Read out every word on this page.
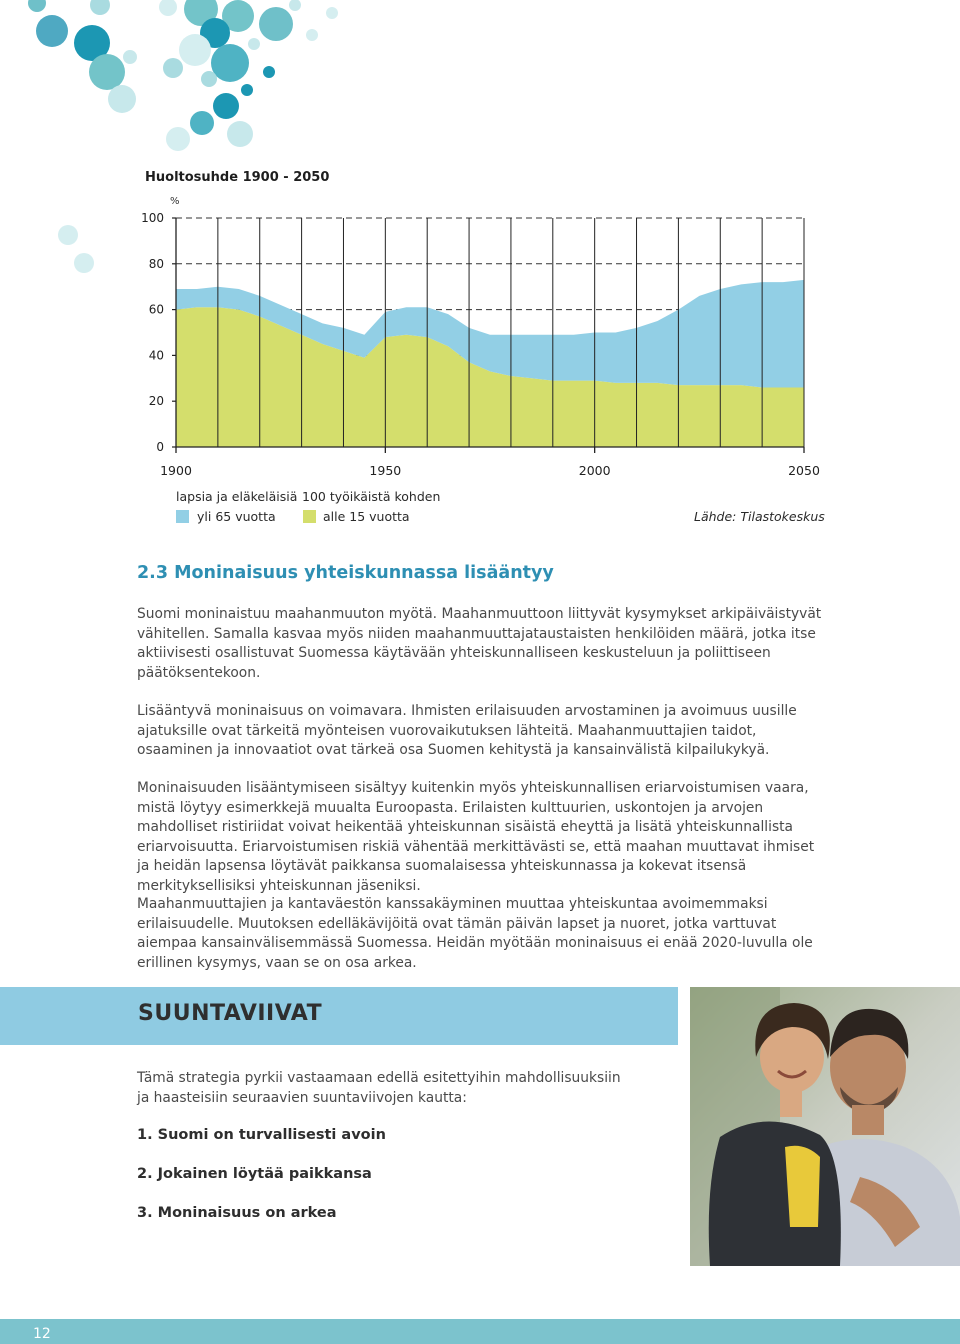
Huoltosuhde 1900 - 2050
%
0
20
40
60
80
100
1900	1950	2000	2050
lapsia ja eläkeläisiä 100 työikäistä kohden
yli 65 vuotta	alle 15 vuotta	Lähde: Tilastokeskus
2.3 Moninaisuus yhteiskunnassa lisääntyy

Suomi moninaistuu maahanmuuton myötä. Maahanmuuttoon liittyvät kysymykset arkipäiväistyvät vähitellen. Samalla kasvaa myös niiden maahanmuuttajataustaisten henkilöiden määrä, jotka itse aktiivisesti osallistuvat Suomessa käytävään yhteiskunnalliseen keskusteluun ja poliittiseen päätöksentekoon.

Lisääntyvä moninaisuus on voimavara. Ihmisten erilaisuuden arvostaminen ja avoimuus uusille ajatuksille ovat tärkeitä myönteisen vuorovaikutuksen lähteitä. Maahanmuuttajien taidot, osaaminen ja innovaatiot ovat tärkeä osa Suomen kehitystä ja kansainvälistä kilpailukykyä.

Moninaisuuden lisääntymiseen sisältyy kuitenkin myös yhteiskunnallisen eriarvoistumisen vaara, mistä löytyy esimerkkejä muualta Euroopasta. Erilaisten kulttuurien, uskontojen ja arvojen mahdolliset ristiriidat voivat heikentää yhteiskunnan sisäistä eheyttä ja lisätä yhteiskunnallista eriarvoisuutta. Eriarvoistumisen riskiä vähentää merkittävästi se, että maahan muuttavat ihmiset ja heidän lapsensa löytävät paikkansa suomalaisessa yhteiskunnassa ja kokevat itsensä merkityksellisiksi yhteiskunnan jäseniksi.

Maahanmuuttajien ja kantaväestön kanssakäyminen muuttaa yhteiskuntaa avoimemmaksi erilaisuudelle. Muutoksen edelläkävijöitä ovat tämän päivän lapset ja nuoret, jotka varttuvat aiempaa kansainvälisemmässä Suomessa. Heidän myötään moninaisuus ei enää 2020-luvulla ole erillinen kysymys, vaan se on osa arkea.

SUUNTAVIIVAT

Tämä strategia pyrkii vastaamaan edellä esitettyihin mahdollisuuksiin ja haasteisiin seuraavien suuntaviivojen kautta:

1. Suomi on turvallisesti avoin

2. Jokainen löytää paikkansa

3. Moninaisuus on arkea

12
